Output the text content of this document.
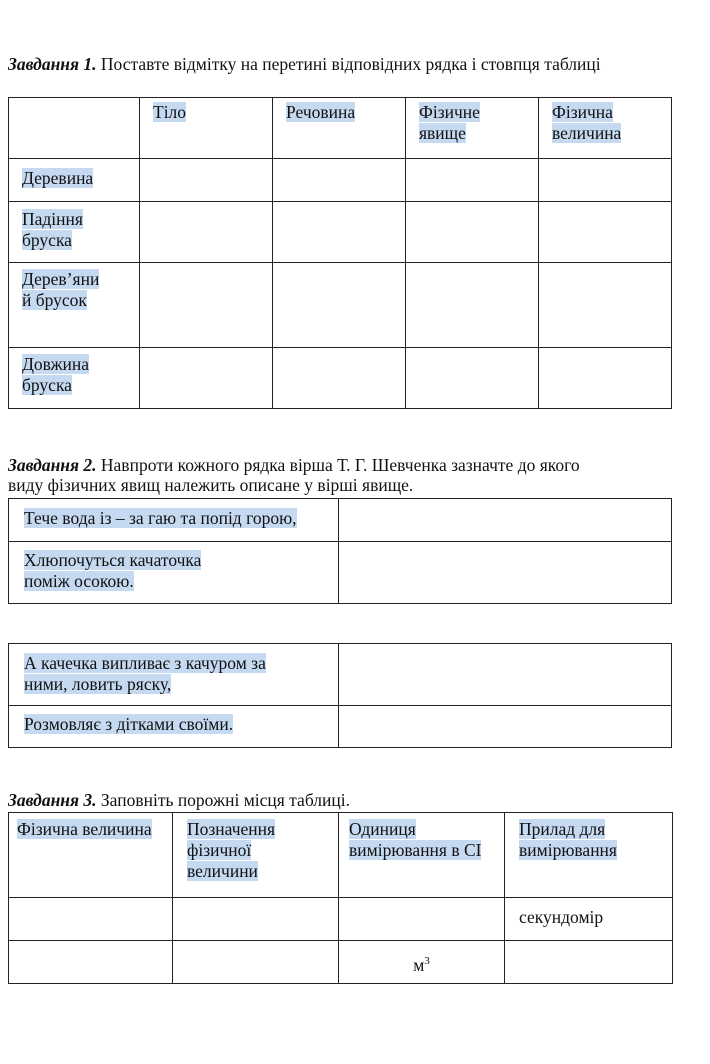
Завдання 1. Поставте відмітку на перетині відповідних рядка і стовпця таблиці

	Тіло	Речовина	Фізичне явище	Фізична величина

Деревина				

Падіння бруска				

Дерев’яний брусок				

Довжина бруска				

Завдання 2. Навпроти кожного рядка вірша Т. Г. Шевченка зазначте до якого виду фізичних явищ належить описане у вірші явище.
Тече вода із – за гаю та попід горою,	

Хлюпочуться качаточка поміж осокою.	

А качечка випливає з качуром за ними, ловить ряску,	

Розмовляє з дітками своїми.	

Завдання 3. Заповніть порожні місця таблиці.
Фізична величина	Позначення фізичної величини	Одиниця вимірювання в СІ	Прилад для вимірювання

			секундомір

		$м^3$
